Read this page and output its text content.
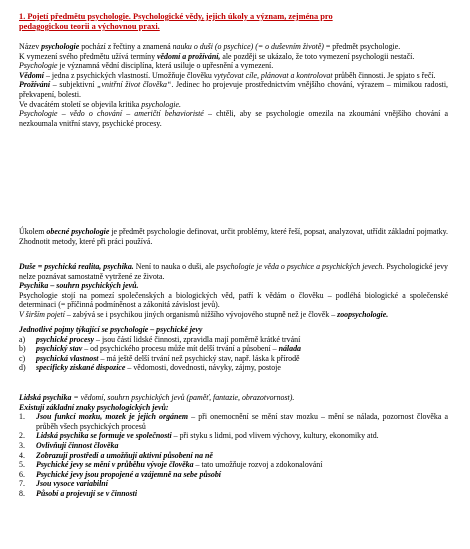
1. Pojetí předmětu psychologie. Psychologické vědy, jejich úkoly a význam, zejména pro
pedagogickou teorii a výchovnou praxi.

Název psychologie pochází z řečtiny a znamená nauku o duši (o psychice) (= o duševním životě) = předmět psychologie.

K vymezení svého předmětu užívá termíny vědomí a prožívání, ale později se ukázalo, že toto vymezení psychologii nestačí.

Psychologie je významná vědní disciplína, která usiluje o upřesnění a vymezení.

Vědomí – jedna z psychických vlastností. Umožňuje člověku vytyčovat cíle, plánovat a kontrolovat průběh činnosti. Je spjato s řečí.

Prožívání – subjektivní „vnitřní život člověka“. Jedinec ho projevuje prostřednictvím vnějšího chování, výrazem – mimikou radosti, překvapení, bolesti.

Ve dvacátém století se objevila kritika psychologie.

Psychologie – vědo o chování – američtí behavioristé – chtěli, aby se psychologie omezila na zkoumání vnějšího chování a nezkoumala vnitřní stavy, psychické procesy.

Úkolem obecné psychologie je předmět psychologie definovat, určit problémy, které řeší, popsat, analyzovat, utřídit základní pojmatky. Zhodnotit metody, které při práci používá.

Duše = psychická realita, psychika. Není to nauka o duši, ale psychologie je věda o psychice a psychických jevech. Psychologické jevy nelze poznávat samostatně vytržené ze života.

Psychika – souhrn psychických jevů.

Psychologie stojí na pomezí společenských a biologických věd, patří k vědám o člověku – podléhá biologické a společenské determinaci (= příčinná podmíněnost a zákonitá závislost jevů).

V širším pojetí – zabývá se i psychikou jiných organismů nižšího vývojového stupně než je člověk – zoopsychologie.

Jednotlivé pojmy týkající se psychologie – psychické jevy

a)	psychické procesy – jsou částí lidské činnosti, zpravidla mají poměrně krátké trvání
b)	psychický stav – od psychického procesu může mít delší trvání a působení – nálada
c)	psychická vlastnost – má ještě delší trvání než psychický stav, např. láska k přírodě
d)	specificky získané dispozice – vědomosti, dovednosti, návyky, zájmy, postoje

Lidská psychika = vědomí, souhrn psychických jevů (paměť, fantazie, obrazotvornost).

Existují základní znaky psychologických jevů:

1.	Jsou funkcí mozku, mozek je jejich orgánem – při onemocnění se mění stav mozku – mění se nálada, pozornost člověka a průběh všech psychických procesů
2.	Lidská psychika se formuje ve společnosti – při styku s lidmi, pod vlivem výchovy, kultury, ekonomiky atd.
3.	Ovlivňují činnost člověka
4.	Zobrazují prostředí a umožňují aktivní působení na ně
5.	Psychické jevy se mění v průběhu vývoje člověka – tato umožňuje rozvoj a zdokonalování
6.	Psychické jevy jsou propojené a vzájemně na sebe působí
7.	Jsou vysoce variabilní
8.	Působí a projevují se v činnosti
